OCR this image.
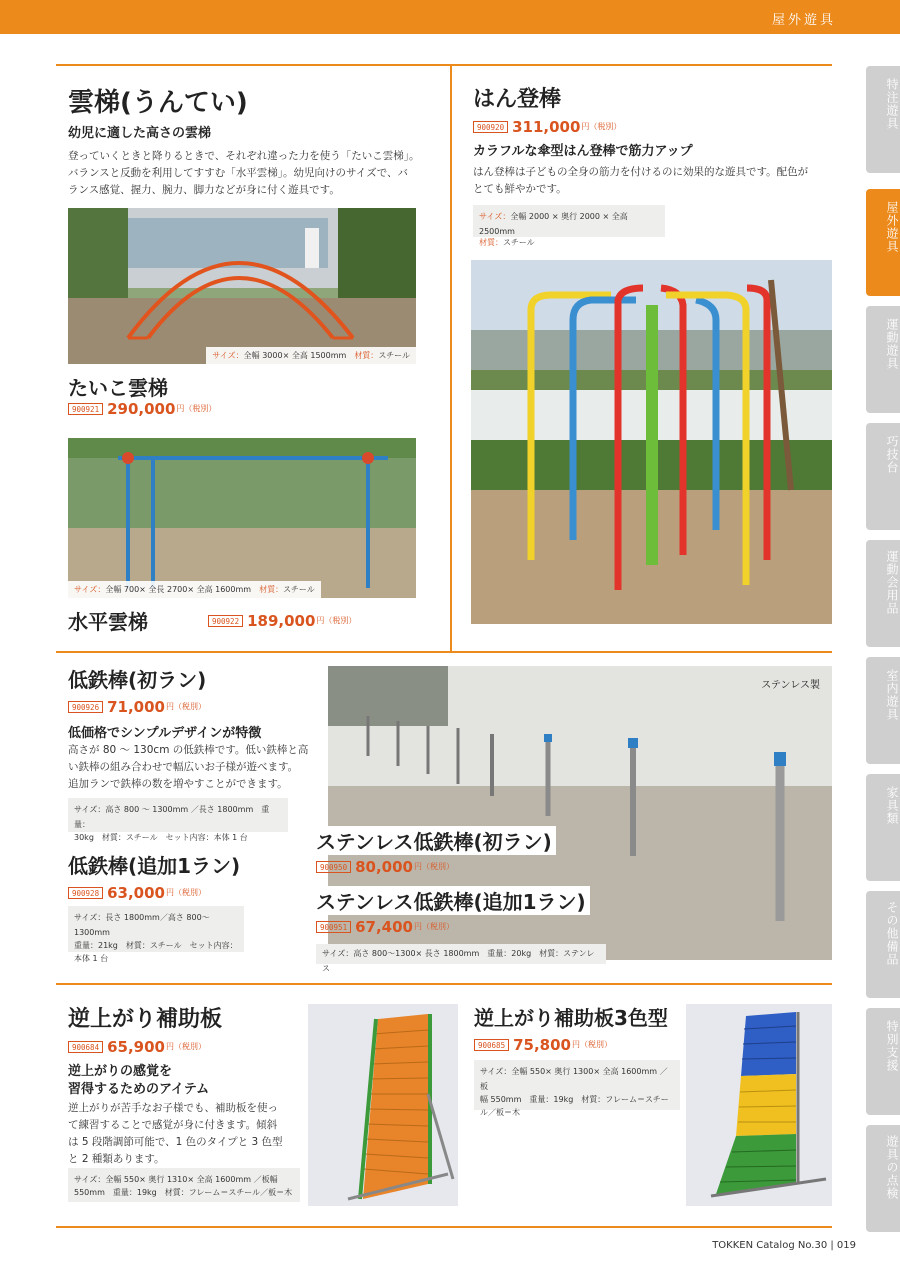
屋外遊具
特注遊具
屋外遊具
運動遊具
巧技台
運動会用品
室内遊具
家具類
その他備品
特別支援
遊具の点検
雲梯(うんてい)
幼児に適した高さの雲梯
登っていくときと降りるときで、それぞれ違った力を使う「たいこ雲梯」。
バランスと反動を利用してすすむ「水平雲梯」。幼児向けのサイズで、バ
ランス感覚、握力、腕力、脚力などが身に付く遊具です。
サイズ：全幅 3000× 全高 1500mm　 材質：スチール
たいこ雲梯
900921 290,000円（税別）
サイズ：全幅 700× 全長 2700× 全高 1600mm　 材質：スチール
水平雲梯	900922 189,000円（税別）
はん登棒
900920 311,000円（税別）
カラフルな傘型はん登棒で筋力アップ
はん登棒は子どもの全身の筋力を付けるのに効果的な遊具です。配色が
とても鮮やかです。
サイズ：全幅 2000 × 奥行 2000 × 全高 2500mm
材質：スチール
低鉄棒(初ラン)
900926 71,000円（税別）
低価格でシンプルデザインが特徴
高さが 80 ～ 130cm の低鉄棒です。低い鉄棒と高
い鉄棒の組み合わせで幅広いお子様が遊べます。
追加ランで鉄棒の数を増やすことができます。
サイズ：高さ 800 ～ 1300mm ／長さ 1800mm　重量：
30kg　材質：スチール　セット内容：本体 1 台
低鉄棒(追加1ラン)
900928 63,000円（税別）
サイズ：長さ 1800mm／高さ 800～1300mm
重量：21kg　材質：スチール　セット内容：
本体 1 台
ステンレス製
ステンレス低鉄棒(初ラン)
900950 80,000円（税別）
ステンレス低鉄棒(追加1ラン)
900951 67,400円（税別）
サイズ：高さ 800～1300× 長さ 1800mm　重量：20kg　材質：ステンレス
逆上がり補助板
900684 65,900円（税別）
逆上がりの感覚を
習得するためのアイテム
逆上がりが苦手なお子様でも、補助板を使っ
て練習することで感覚が身に付きます。傾斜
は 5 段階調節可能で、1 色のタイプと 3 色型
と 2 種類あります。
サイズ：全幅 550× 奥行 1310× 全高 1600mm ／板幅
550mm　重量：19kg　材質：フレーム＝スチール／板＝木
逆上がり補助板3色型
900685 75,800円（税別）
サイズ：全幅 550× 奥行 1300× 全高 1600mm ／板
幅 550mm　重量：19kg　材質：フレーム＝スチー
ル／板＝木
TOKKEN Catalog No.30 | 019
